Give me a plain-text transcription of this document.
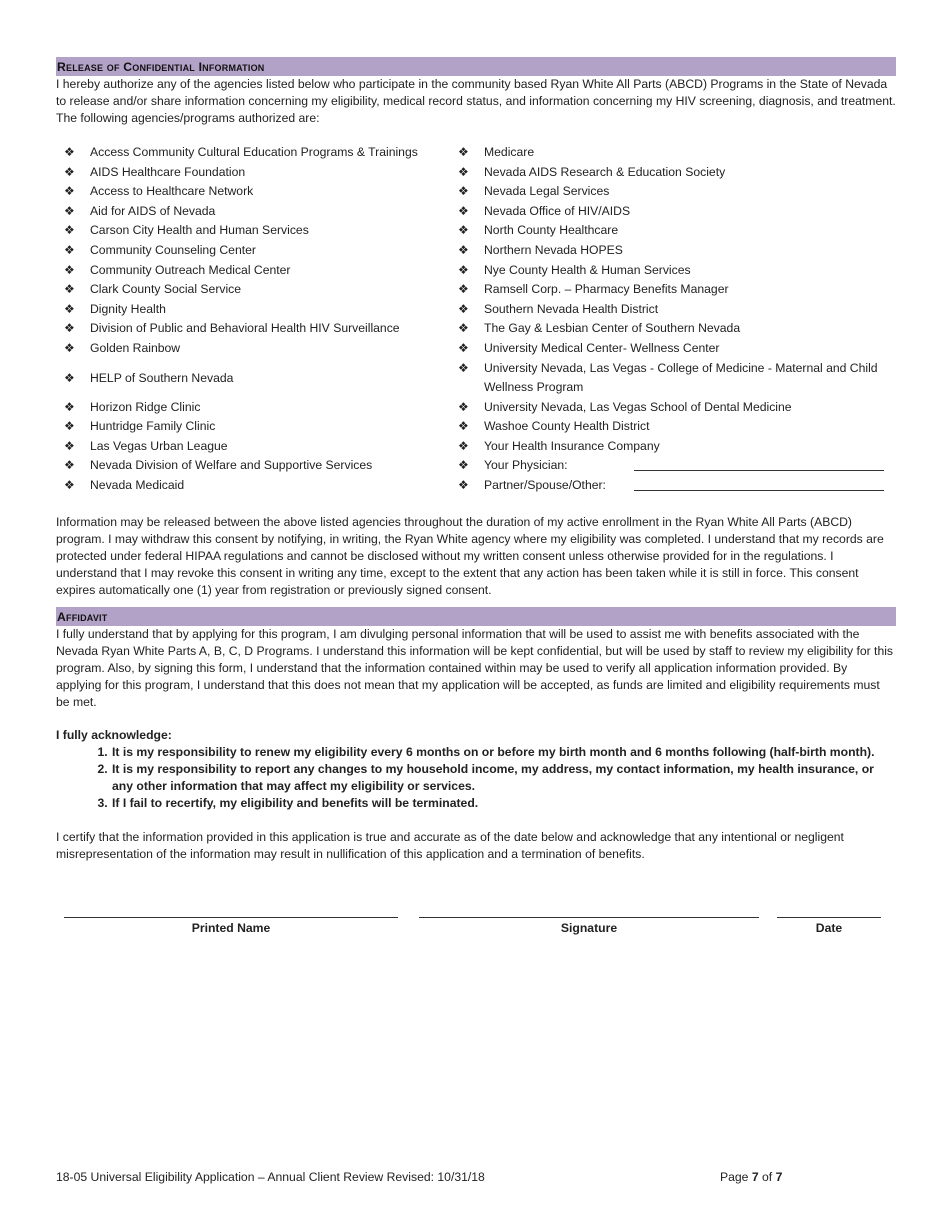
Release of Confidential Information

I hereby authorize any of the agencies listed below who participate in the community based Ryan White All Parts (ABCD) Programs in the State of Nevada to release and/or share information concerning my eligibility, medical record status, and information concerning my HIV screening, diagnosis, and treatment. The following agencies/programs authorized are:

❖	Access Community Cultural Education Programs & Trainings
❖	AIDS Healthcare Foundation
❖	Access to Healthcare Network
❖	Aid for AIDS of Nevada
❖	Carson City Health and Human Services
❖	Community Counseling Center
❖	Community Outreach Medical Center
❖	Clark County Social Service
❖	Dignity Health
❖	Division of Public and Behavioral Health HIV Surveillance
❖	Golden Rainbow
❖	HELP of Southern Nevada
❖	Horizon Ridge Clinic
❖	Huntridge Family Clinic
❖	Las Vegas Urban League
❖	Nevada Division of Welfare and Supportive Services
❖	Nevada Medicaid
❖	Medicare
❖	Nevada AIDS Research & Education Society
❖	Nevada Legal Services
❖	Nevada Office of HIV/AIDS
❖	North County Healthcare
❖	Northern Nevada HOPES
❖	Nye County Health & Human Services
❖	Ramsell Corp. – Pharmacy Benefits Manager
❖	Southern Nevada Health District
❖	The Gay & Lesbian Center of Southern Nevada
❖	University Medical Center- Wellness Center
❖	University Nevada, Las Vegas - College of Medicine - Maternal and Child Wellness Program
❖	University Nevada, Las Vegas School of Dental Medicine
❖	Washoe County Health District
❖	Your Health Insurance Company
❖	Your Physician:
❖	Partner/Spouse/Other:

Information may be released between the above listed agencies throughout the duration of my active enrollment in the Ryan White All Parts (ABCD) program. I may withdraw this consent by notifying, in writing, the Ryan White agency where my eligibility was completed. I understand that my records are protected under federal HIPAA regulations and cannot be disclosed without my written consent unless otherwise provided for in the regulations. I understand that I may revoke this consent in writing any time, except to the extent that any action has been taken while it is still in force. This consent expires automatically one (1) year from registration or previously signed consent.

Affidavit

I fully understand that by applying for this program, I am divulging personal information that will be used to assist me with benefits associated with the Nevada Ryan White Parts A, B, C, D Programs. I understand this information will be kept confidential, but will be used by staff to review my eligibility for this program. Also, by signing this form, I understand that the information contained within may be used to verify all application information provided. By applying for this program, I understand that this does not mean that my application will be accepted, as funds are limited and eligibility requirements must be met.

I fully acknowledge:
1. It is my responsibility to renew my eligibility every 6 months on or before my birth month and 6 months following (half-birth month).
2. It is my responsibility to report any changes to my household income, my address, my contact information, my health insurance, or any other information that may affect my eligibility or services.
3. If I fail to recertify, my eligibility and benefits will be terminated.

I certify that the information provided in this application is true and accurate as of the date below and acknowledge that any intentional or negligent misrepresentation of the information may result in nullification of this application and a termination of benefits.

Printed Name	Signature	Date
18-05 Universal Eligibility Application – Annual Client Review Revised: 10/31/18	Page 7 of 7
